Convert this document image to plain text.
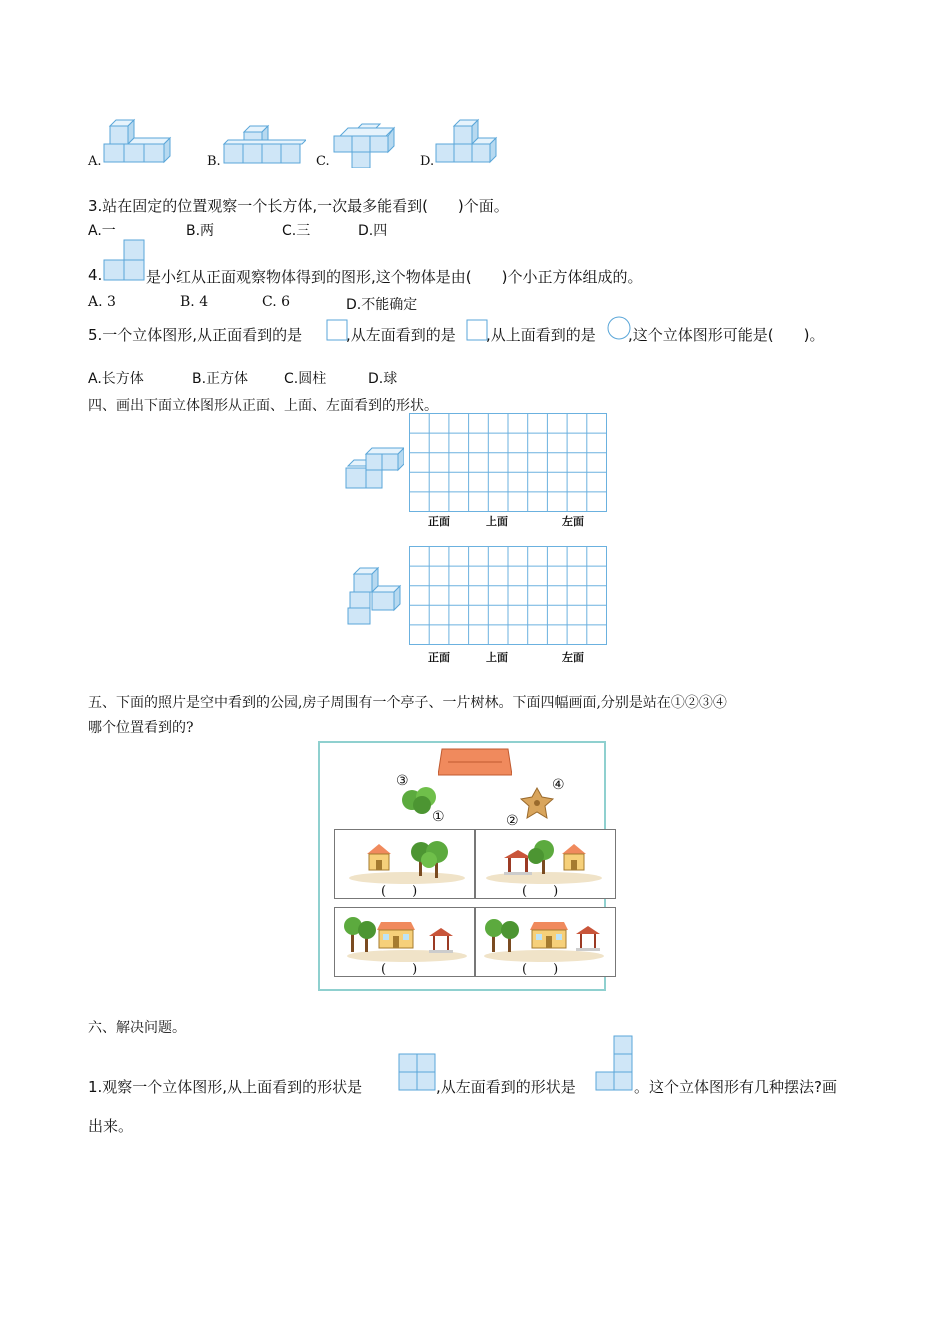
A.	B.	C.	D.
3.站在固定的位置观察一个长方体,一次最多能看到(　　)个面。
A.一	B.两	C.三	D.四
4.	是小红从正面观察物体得到的图形,这个物体是由(　　)个小正方体组成的。
A. 3	B. 4	C. 6	D.不能确定
5.一个立体图形,从正面看到的是	,从左面看到的是 ,从上面看到的是 ,这个立体图形可能是(　　)。
A.长方体	B.正方体	C.圆柱	D.球
四、画出下面立体图形从正面、上面、左面看到的形状。
正面	上面	左面
正面	上面	左面
五、下面的照片是空中看到的公园,房子周围有一个亭子、一片树林。下面四幅画面,分别是站在①②③④
哪个位置看到的?
③	④
①	②
(　　)	(　　)
(　　)	(　　)
六、解决问题。
1.观察一个立体图形,从上面看到的形状是	,从左面看到的形状是	。这个立体图形有几种摆法?画
出来。
